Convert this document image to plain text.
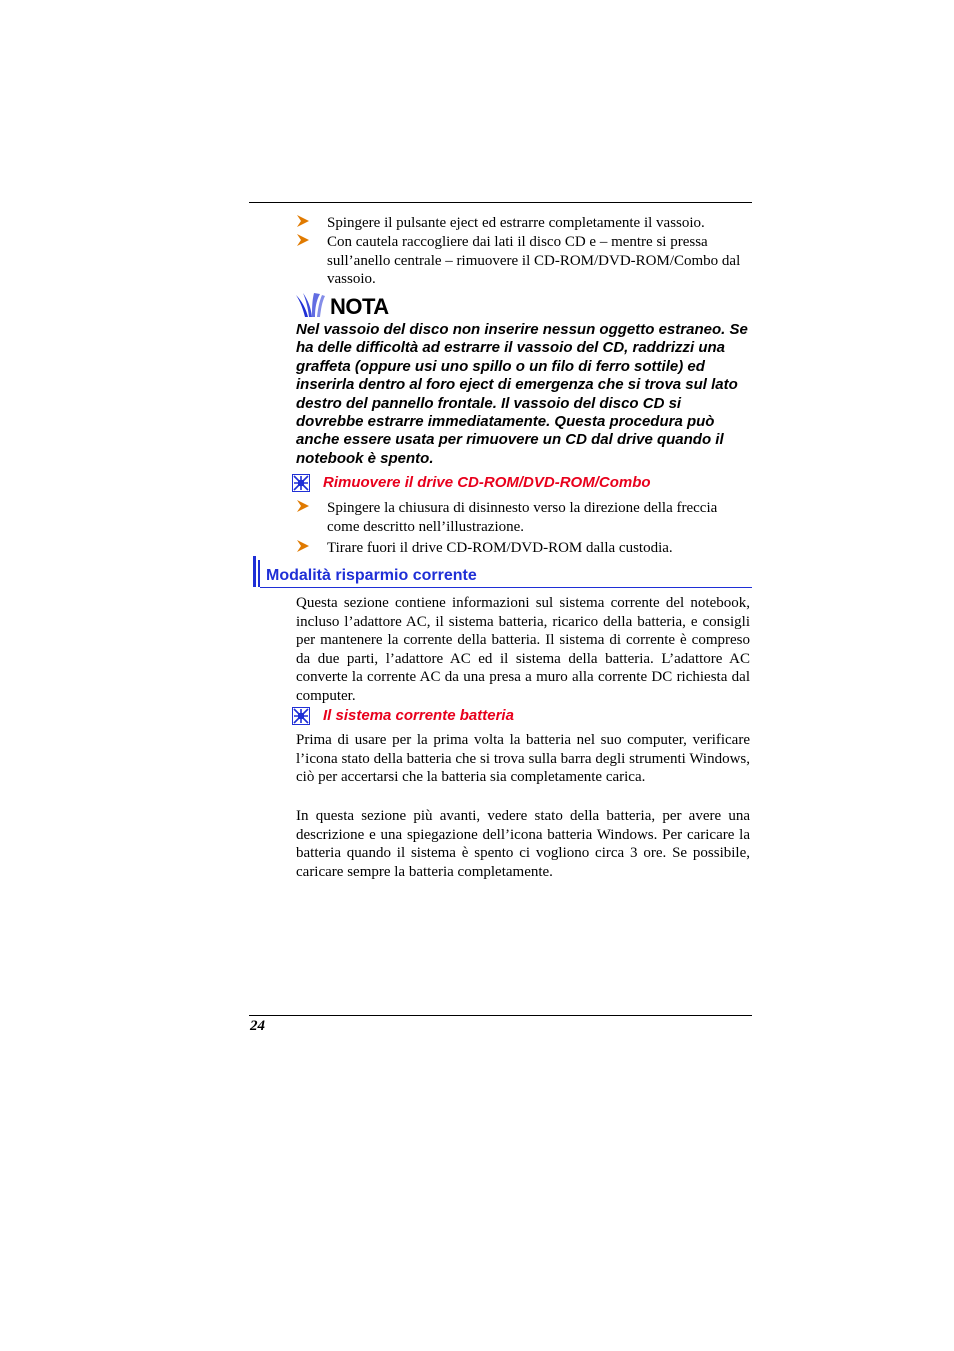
Spingere il pulsante eject ed estrarre completamente il vassoio.
Con cautela raccogliere dai lati il disco CD e – mentre si pressa sull’anello centrale – rimuovere il CD-ROM/DVD-ROM/Combo dal vassoio.
NOTA

Nel vassoio del disco non inserire nessun oggetto estraneo. Se ha delle difficoltà ad estrarre il vassoio del CD, raddrizzi una graffeta (oppure usi uno spillo o un filo di ferro sottile) ed inserirla dentro al foro eject di emergenza che si trova sul lato destro del pannello frontale. Il vassoio del disco CD si dovrebbe estrarre immediatamente. Questa procedura può anche essere usata per rimuovere un CD dal drive quando il notebook è spento.

Rimuovere il drive CD-ROM/DVD-ROM/Combo
Spingere la chiusura di disinnesto verso la direzione della freccia come descritto nell’illustrazione.
Tirare fuori il drive CD-ROM/DVD-ROM dalla custodia.
Modalità risparmio corrente

Questa sezione contiene informazioni sul sistema corrente del notebook, incluso l’adattore AC, il sistema batteria, ricarico della batteria, e consigli per mantenere la corrente della batteria. Il sistema di corrente è compreso da due parti, l’adattore AC ed il sistema della batteria. L’adattore AC converte la corrente AC da una presa a muro alla corrente DC richiesta dal computer.

Il sistema corrente batteria

Prima di usare per la prima volta la batteria nel suo computer, verificare l’icona stato della batteria che si trova sulla barra degli strumenti Windows, ciò per accertarsi che la batteria sia completamente carica.

In questa sezione più avanti, vedere stato della batteria, per avere una descrizione e una spiegazione dell’icona batteria Windows. Per caricare la batteria quando il sistema è spento ci vogliono circa 3 ore. Se possibile, caricare sempre la batteria completamente.

24
